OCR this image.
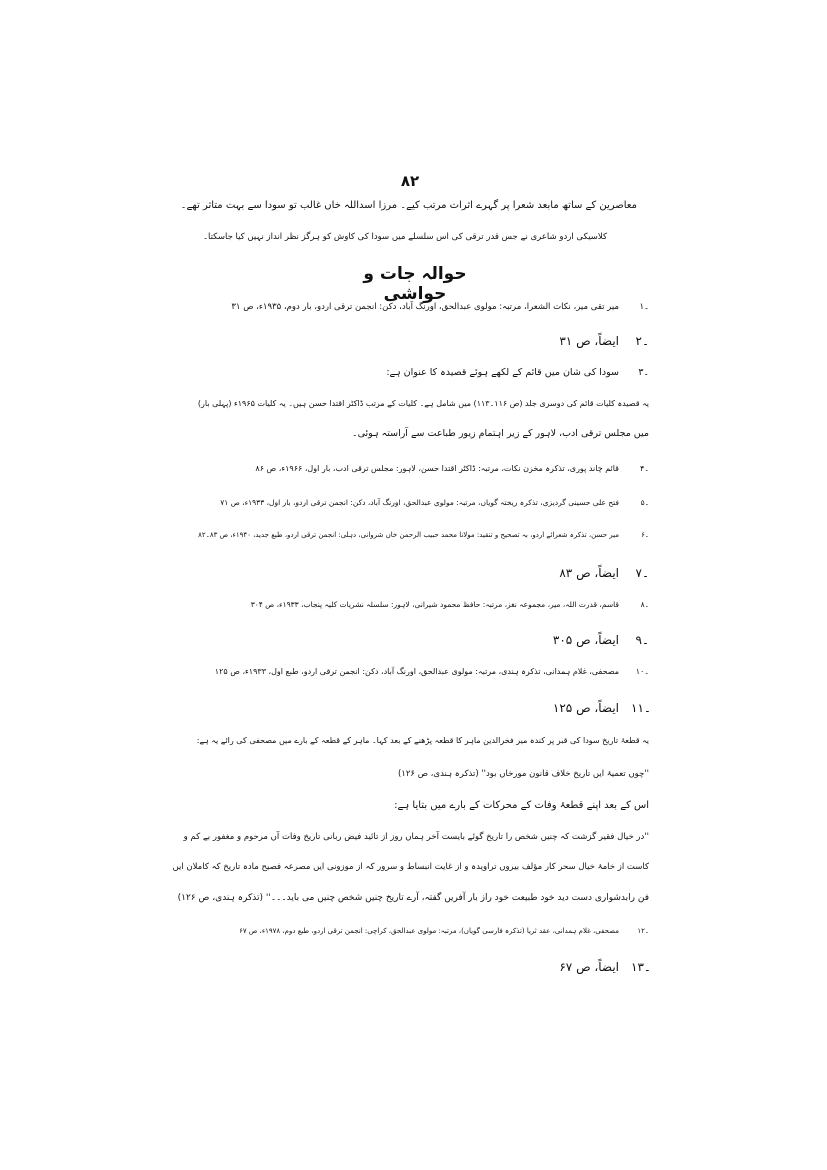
۸۲
معاصرین کے ساتھ مابعد شعرا پر گہرے اثرات مرتب کیے۔ مرزا اسداللہ خاں غالب تو سودا سے بہت متاثر تھے۔
کلاسیکی اردو شاعری نے جس قدر ترقی کی اس سلسلے میں سودا کی کاوش کو ہرگز نظر انداز نہیں کیا جاسکتا۔
حوالہ جات و حواشی
۱۔
میر تقی میر، نکات الشعرا، مرتبہ: مولوی عبدالحق، اورنگ آباد، دکن: انجمن ترقی اردو، بار دوم، ۱۹۳۵ء، ص ۳۱
۲۔
ایضاً، ص ۳۱
۳۔
سودا کی شان میں قائم کے لکھے ہوئے قصیدہ کا عنوان ہے:
یہ قصیدہ کلیات قائم کی دوسری جلد (ص ۱۱۶۔۱۱۳) میں شامل ہے۔ کلیات کے مرتب ڈاکٹر اقتدا حسن ہیں۔ یہ کلیات ۱۹۶۵ء (پہلی بار)
میں مجلس ترقی ادب، لاہور کے زیر اہتمام زیور طباعت سے آراستہ ہوئی۔
۴۔
قائم چاند پوری، تذکرہ مخزن نکات، مرتبہ: ڈاکٹر اقتدا حسن، لاہور: مجلس ترقی ادب، بار اول، ۱۹۶۶ء، ص ۸۶
۵۔
فتح علی حسینی گردیزی، تذکرہ ریختہ گویاں، مرتبہ: مولوی عبدالحق، اورنگ آباد، دکن: انجمن ترقی اردو، بار اول، ۱۹۳۳ء، ص ۷۱
۶۔
میر حسن، تذکرہ شعرائے اردو، بہ تصحیح و تنقید: مولانا محمد حبیب الرحمن خاں شروانی، دہلی: انجمن ترقی اردو، طبع جدید، ۱۹۴۰ء، ص ۸۳۔۸۲
۷۔
ایضاً، ص ۸۳
۸۔
قاسم، قدرت اللہ، میر، مجموعہ نغز، مرتبہ: حافظ محمود شیرانی، لاہور: سلسلہ نشریات کلیہ پنجاب، ۱۹۳۳ء، ص ۳۰۴
۹۔
ایضاً، ص ۳۰۵
۱۰۔
مصحفی، غلام ہمدانی، تذکرہ ہندی، مرتبہ: مولوی عبدالحق، اورنگ آباد، دکن: انجمن ترقی اردو، طبع اول، ۱۹۳۳ء، ص ۱۲۵
۱۱۔
ایضاً، ص ۱۲۵
یہ قطعۂ تاریخ سودا کی قبر پر کندہ میر فخرالدین ماہر کا قطعہ پڑھنے کے بعد کہا۔ ماہر کے قطعہ کے بارے میں مصحفی کی رائے یہ ہے:
''چوں تعمیۂ ایں تاریخ خلاف قانون مورخاں بود'' (تذکرہ ہندی، ص ۱۲۶)
اس کے بعد اپنے قطعۂ وفات کے محرکات کے بارے میں بتایا ہے:
''در خیال فقیر گزشت کہ چنیں شخص را تاریخ گوئے بایست آخر ہماں روز از تائید فیض ربانی تاریخ وفات آں مرحوم و مغفور بے کم و
کاست از خامۂ خیال سحر کار مؤلف بیروں تراویدہ و از غایت انبساط و سرور کہ از موزونی ایں مصرعہ فصیح مادہ تاریخ کہ کاملان ایں
فن رابدشواری دست دید خود طبیعت خود راز بار آفریں گفتہ، آرے تاریخ چنیں شخص چنیں می باید۔۔۔'' (تذکرہ ہندی، ص ۱۲۶)
۱۲۔
مصحفی، غلام ہمدانی، عقد ثریا (تذکرہ فارسی گویاں)، مرتبہ: مولوی عبدالحق، کراچی: انجمن ترقی اردو، طبع دوم، ۱۹۷۸ء، ص ۶۷
۱۳۔
ایضاً، ص ۶۷
